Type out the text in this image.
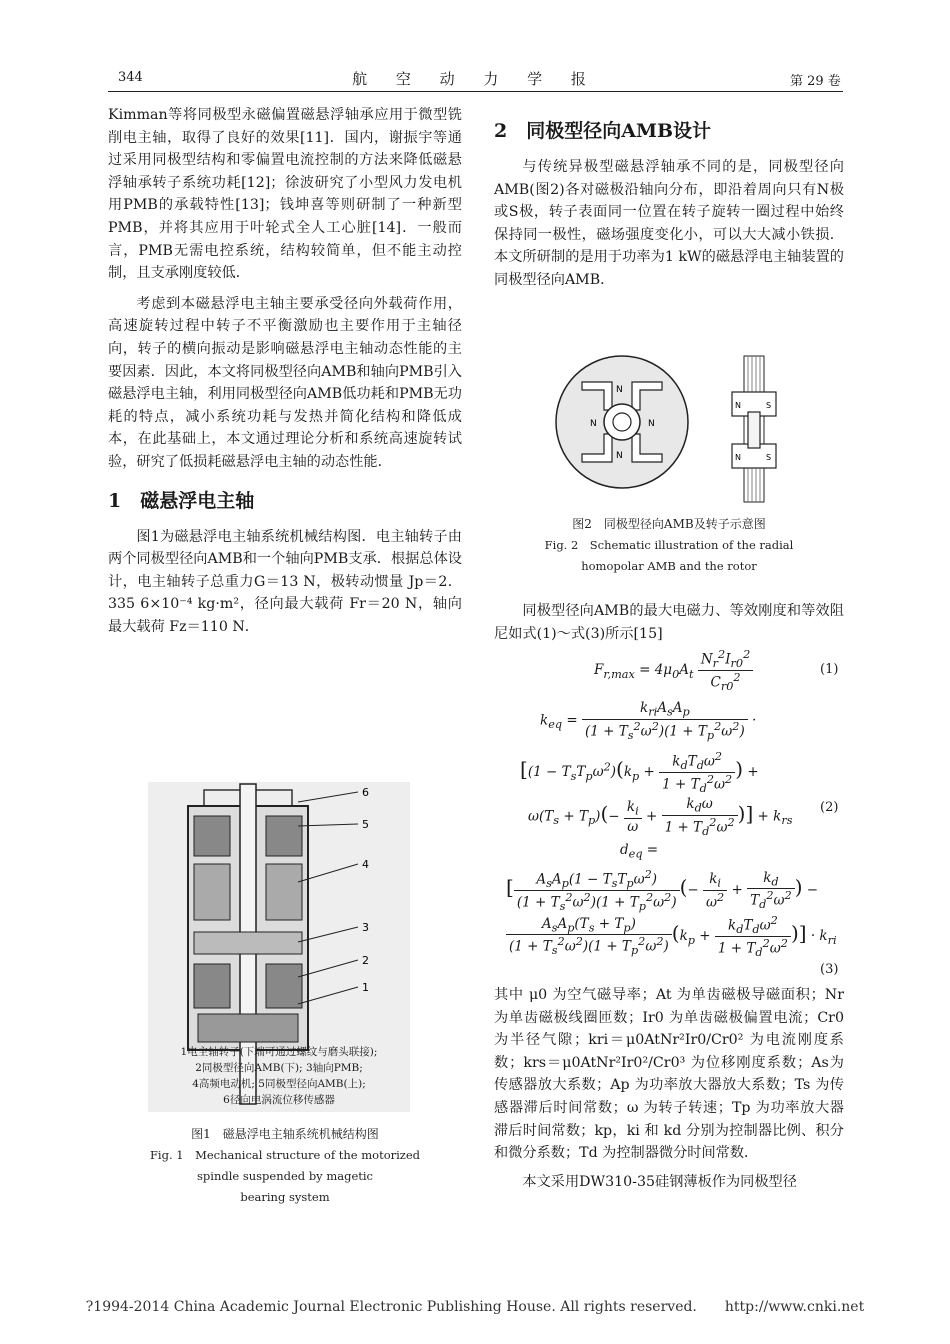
344	航 空 动 力 学 报	第 29 卷

Kimman等将同极型永磁偏置磁悬浮轴承应用于微型铣削电主轴，取得了良好的效果[11]．国内，谢振宇等通过采用同极型结构和零偏置电流控制的方法来降低磁悬浮轴承转子系统功耗[12]；徐波研究了小型风力发电机用PMB的承载特性[13]；钱坤喜等则研制了一种新型PMB，并将其应用于叶轮式全人工心脏[14]．一般而言，PMB无需电控系统，结构较简单，但不能主动控制，且支承刚度较低．

考虑到本磁悬浮电主轴主要承受径向外载荷作用，高速旋转过程中转子不平衡激励也主要作用于主轴径向，转子的横向振动是影响磁悬浮电主轴动态性能的主要因素．因此，本文将同极型径向AMB和轴向PMB引入磁悬浮电主轴，利用同极型径向AMB低功耗和PMB无功耗的特点，减小系统功耗与发热并简化结构和降低成本，在此基础上，本文通过理论分析和系统高速旋转试验，研究了低损耗磁悬浮电主轴的动态性能．

1　磁悬浮电主轴

图1为磁悬浮电主轴系统机械结构图．电主轴转子由两个同极型径向AMB和一个轴向PMB支承．根据总体设计，电主轴转子总重力G＝13 N，极转动惯量 Jp＝2．335 6×10⁻⁴ kg·m²，径向最大载荷 Fr＝20 N，轴向最大载荷 Fz＝110 N．

6
5
4
3
2
1
1电主轴转子(下端可通过螺纹与磨头联接);
2同极型径向AMB(下); 3轴向PMB;
4高频电动机; 5同极型径向AMB(上);
6径向电涡流位移传感器
图1　磁悬浮电主轴系统机械结构图
Fig. 1　Mechanical structure of the motorized
spindle suspended by magetic
bearing system

2　同极型径向AMB设计

与传统异极型磁悬浮轴承不同的是，同极型径向AMB(图2)各对磁极沿轴向分布，即沿着周向只有N极或S极，转子表面同一位置在转子旋转一圈过程中始终保持同一极性，磁场强度变化小，可以大大减小铁损．本文所研制的是用于功率为1 kW的磁悬浮电主轴装置的同极型径向AMB．

N
N	N
N
N	S
N	S
图2　同极型径向AMB及转子示意图
Fig. 2　Schematic illustration of the radial
homopolar AMB and the rotor

同极型径向AMB的最大电磁力、等效刚度和等效阻尼如式(1)～式(3)所示[15]

$F_{r,max} = 4\mu_0A_t \frac{N_r^2I_{r0}^2}{C_{r0}^2}$	(1)
$k_{eq} = \frac{k_{ri}A_sA_p}{(1 + T_s^2\omega^2)(1 + T_p^2\omega^2)}$ ·
[$(1 - T_sT_p\omega^2)(k_p + \frac{k_dT_d\omega^2}{1 + T_d^2\omega^2}$ ) +
$\omega(T_s + T_p)(- \frac{k_i}{\omega} + \frac{k_d\omega}{1 + T_d^2\omega^2}$ )] + $k_{rs}$
(2)
$d_{eq}$ =
[ $\frac{A_sA_p(1 - T_sT_p\omega^2)}{(1 + T_s^2\omega^2)(1 + T_p^2\omega^2)}$ (− $\frac{k_i}{\omega^2} + \frac{k_d}{T_d^2\omega^2}$ ) −
$\frac{A_sA_p(T_s + T_p)}{(1 + T_s^2\omega^2)(1 + T_p^2\omega^2)} (k_p + \frac{k_dT_d\omega^2}{1 + T_d^2\omega^2}$ )] · $k_{ri}$
(3)

其中 μ0 为空气磁导率；At 为单齿磁极导磁面积；Nr 为单齿磁极线圈匝数；Ir0 为单齿磁极偏置电流；Cr0为半径气隙；kri＝μ0AtNr²Ir0/Cr0² 为电流刚度系数；krs＝μ0AtNr²Ir0²/Cr0³ 为位移刚度系数；As为传感器放大系数；Ap 为功率放大器放大系数；Ts 为传感器滞后时间常数；ω 为转子转速；Tp 为功率放大器滞后时间常数；kp，ki 和 kd 分别为控制器比例、积分和微分系数；Td 为控制器微分时间常数．

本文采用DW310-35硅钢薄板作为同极型径

?1994-2014 China Academic Journal Electronic Publishing House. All rights reserved.　　http://www.cnki.net
